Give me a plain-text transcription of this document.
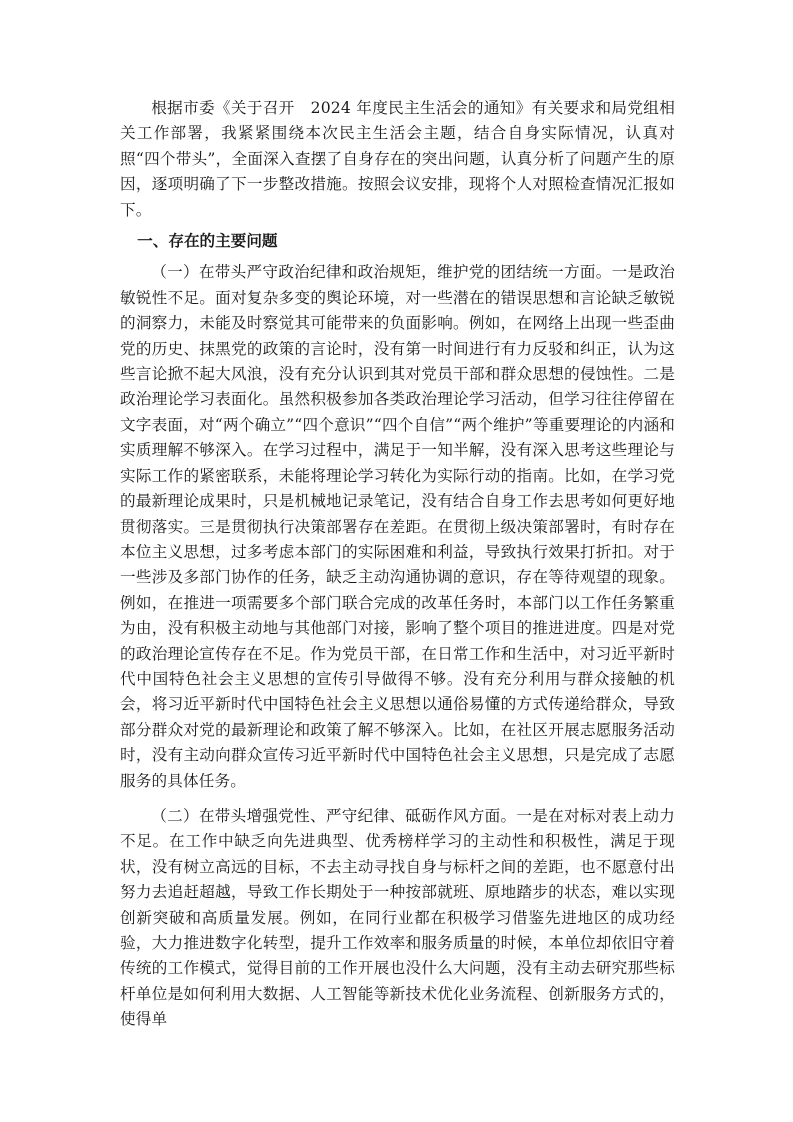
根据市委《关于召开　2024 年度民主生活会的通知》有关要求和局党组相关工作部署，我紧紧围绕本次民主生活会主题，结合自身实际情况，认真对照“四个带头”，全面深入查摆了自身存在的突出问题，认真分析了问题产生的原因，逐项明确了下一步整改措施。按照会议安排，现将个人对照检查情况汇报如下。

一、存在的主要问题

（一）在带头严守政治纪律和政治规矩，维护党的团结统一方面。一是政治敏锐性不足。面对复杂多变的舆论环境，对一些潜在的错误思想和言论缺乏敏锐的洞察力，未能及时察觉其可能带来的负面影响。例如，在网络上出现一些歪曲党的历史、抹黑党的政策的言论时，没有第一时间进行有力反驳和纠正，认为这些言论掀不起大风浪，没有充分认识到其对党员干部和群众思想的侵蚀性。二是政治理论学习表面化。虽然积极参加各类政治理论学习活动，但学习往往停留在文字表面，对“两个确立”“四个意识”“四个自信”“两个维护”等重要理论的内涵和实质理解不够深入。在学习过程中，满足于一知半解，没有深入思考这些理论与实际工作的紧密联系，未能将理论学习转化为实际行动的指南。比如，在学习党的最新理论成果时，只是机械地记录笔记，没有结合自身工作去思考如何更好地贯彻落实。三是贯彻执行决策部署存在差距。在贯彻上级决策部署时，有时存在本位主义思想，过多考虑本部门的实际困难和利益，导致执行效果打折扣。对于一些涉及多部门协作的任务，缺乏主动沟通协调的意识，存在等待观望的现象。例如，在推进一项需要多个部门联合完成的改革任务时，本部门以工作任务繁重为由，没有积极主动地与其他部门对接，影响了整个项目的推进进度。四是对党的政治理论宣传存在不足。作为党员干部，在日常工作和生活中，对习近平新时代中国特色社会主义思想的宣传引导做得不够。没有充分利用与群众接触的机会，将习近平新时代中国特色社会主义思想以通俗易懂的方式传递给群众，导致部分群众对党的最新理论和政策了解不够深入。比如，在社区开展志愿服务活动时，没有主动向群众宣传习近平新时代中国特色社会主义思想，只是完成了志愿服务的具体任务。

（二）在带头增强党性、严守纪律、砥砺作风方面。一是在对标对表上动力不足。在工作中缺乏向先进典型、优秀榜样学习的主动性和积极性，满足于现状，没有树立高远的目标，不去主动寻找自身与标杆之间的差距，也不愿意付出努力去追赶超越，导致工作长期处于一种按部就班、原地踏步的状态，难以实现创新突破和高质量发展。例如，在同行业都在积极学习借鉴先进地区的成功经验，大力推进数字化转型，提升工作效率和服务质量的时候，本单位却依旧守着传统的工作模式，觉得目前的工作开展也没什么大问题，没有主动去研究那些标杆单位是如何利用大数据、人工智能等新技术优化业务流程、创新服务方式的，使得单
